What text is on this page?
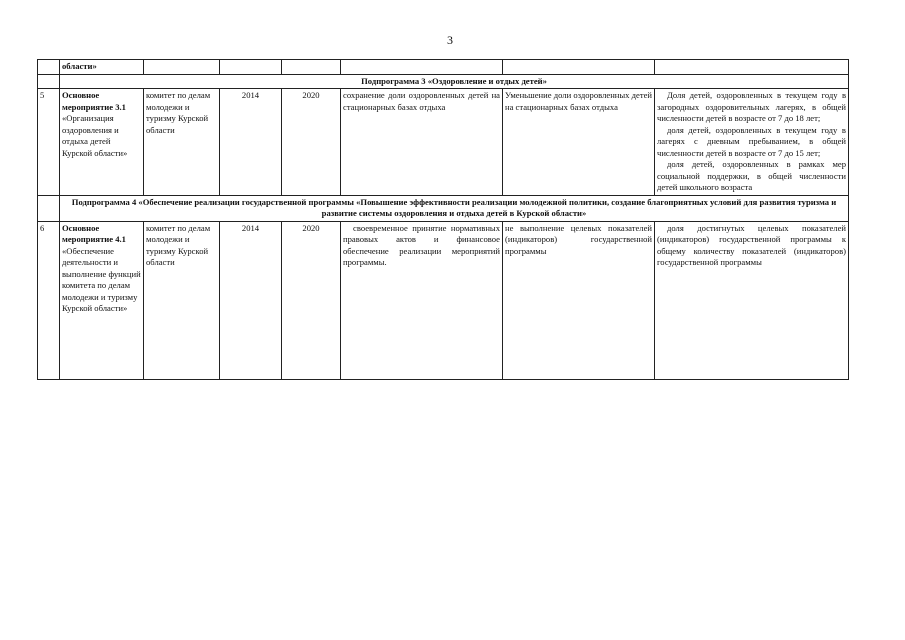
3
	области»						
	Подпрограмма 3 «Оздоровление и отдых детей»						
5	Основное мероприятие 3.1
«Организация оздоровления и отдыха детей Курской области»	комитет по делам молодежи и туризму Курской области	2014	2020	сохранение доли оздоровленных детей на стационарных базах отдыха	Уменьшение доли оздоровленных детей на стационарных базах отдыха	Доля детей, оздоровленных в текущем году в загородных оздоровительных лагерях, в общей численности детей в возрасте от 7 до 18 лет;
доля детей, оздоровленных в текущем году в лагерях с дневным пребыванием, в общей численности детей в возрасте от 7 до 15 лет;
доля детей, оздоровленных в рамках мер социальной поддержки, в общей численности детей школьного возраста

	Подпрограмма 4 «Обеспечение реализации государственной программы «Повышение эффективности реализации молодежной политики, создание благоприятных условий для развития туризма и развитие системы оздоровления и отдыха детей в Курской области»						
6	Основное мероприятие 4.1
«Обеспечение деятельности и выполнение функций комитета по делам молодежи и туризму Курской области»	комитет по делам молодежи и туризму Курской области	2014	2020	своевременное принятие нормативных правовых актов и финансовое обеспечение реализации мероприятий программы.	не выполнение целевых показателей (индикаторов) государственной программы	доля достигнутых целевых показателей (индикаторов) государственной программы к общему количеству показателей (индикаторов) государственной программы
